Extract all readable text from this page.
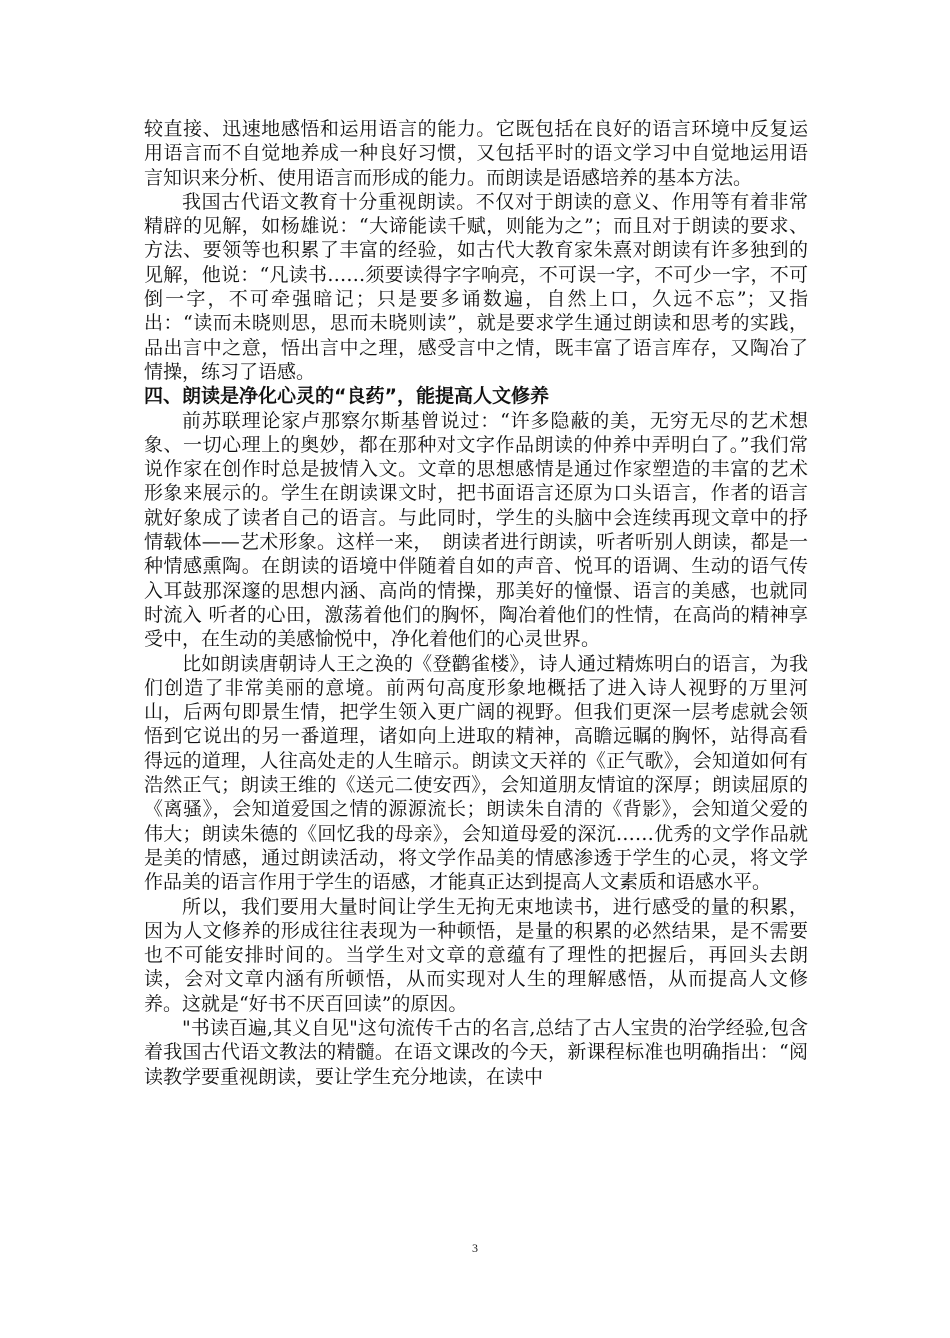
较直接、迅速地感悟和运用语言的能力。它既包括在良好的语言环境中反复运用语言而不自觉地养成一种良好习惯，又包括平时的语文学习中自觉地运用语言知识来分析、使用语言而形成的能力。而朗读是语感培养的基本方法。

我国古代语文教育十分重视朗读。不仅对于朗读的意义、作用等有着非常精辟的见解，如杨雄说：“大谛能读千赋，则能为之”；而且对于朗读的要求、方法、要领等也积累了丰富的经验，如古代大教育家朱熹对朗读有许多独到的见解，他说：“凡读书……须要读得字字响亮，不可误一字，不可少一字，不可倒一字，不可牵强暗记；只是要多诵数遍，自然上口，久远不忘”；又指出：“读而未晓则思，思而未晓则读”，就是要求学生通过朗读和思考的实践，品出言中之意，悟出言中之理，感受言中之情，既丰富了语言库存，又陶冶了情操，练习了语感。

四、朗读是净化心灵的“良药”，能提高人文修养

前苏联理论家卢那察尔斯基曾说过：“许多隐蔽的美，无穷无尽的艺术想象、一切心理上的奥妙，都在那种对文字作品朗读的仲养中弄明白了。”我们常说作家在创作时总是披情入文。文章的思想感情是通过作家塑造的丰富的艺术形象来展示的。学生在朗读课文时，把书面语言还原为口头语言，作者的语言就好象成了读者自己的语言。与此同时，学生的头脑中会连续再现文章中的抒情载体——艺术形象。这样一来，　朗读者进行朗读，听者听别人朗读，都是一种情感熏陶。在朗读的语境中伴随着自如的声音、悦耳的语调、生动的语气传入耳鼓那深邃的思想内涵、高尚的情操，那美好的憧憬、语言的美感，也就同时流入 听者的心田，激荡着他们的胸怀，陶冶着他们的性情，在高尚的精神享受中，在生动的美感愉悦中，净化着他们的心灵世界。

比如朗读唐朝诗人王之涣的《登鹳雀楼》，诗人通过精炼明白的语言，为我们创造了非常美丽的意境。前两句高度形象地概括了进入诗人视野的万里河山，后两句即景生情，把学生领入更广阔的视野。但我们更深一层考虑就会领悟到它说出的另一番道理，诸如向上进取的精神，高瞻远瞩的胸怀，站得高看得远的道理，人往高处走的人生暗示。朗读文天祥的《正气歌》，会知道如何有浩然正气；朗读王维的《送元二使安西》，会知道朋友情谊的深厚；朗读屈原的《离骚》，会知道爱国之情的源源流长；朗读朱自清的《背影》，会知道父爱的伟大；朗读朱德的《回忆我的母亲》，会知道母爱的深沉……优秀的文学作品就是美的情感，通过朗读活动，将文学作品美的情感渗透于学生的心灵，将文学作品美的语言作用于学生的语感，才能真正达到提高人文素质和语感水平。

所以，我们要用大量时间让学生无拘无束地读书，进行感受的量的积累，因为人文修养的形成往往表现为一种顿悟，是量的积累的必然结果，是不需要也不可能安排时间的。当学生对文章的意蕴有了理性的把握后，再回头去朗读，会对文章内涵有所顿悟，从而实现对人生的理解感悟，从而提高人文修养。这就是“好书不厌百回读”的原因。

"书读百遍,其义自见"这句流传千古的名言,总结了古人宝贵的治学经验,包含着我国古代语文教法的精髓。在语文课改的今天，新课程标准也明确指出：“阅读教学要重视朗读，要让学生充分地读，在读中

3
